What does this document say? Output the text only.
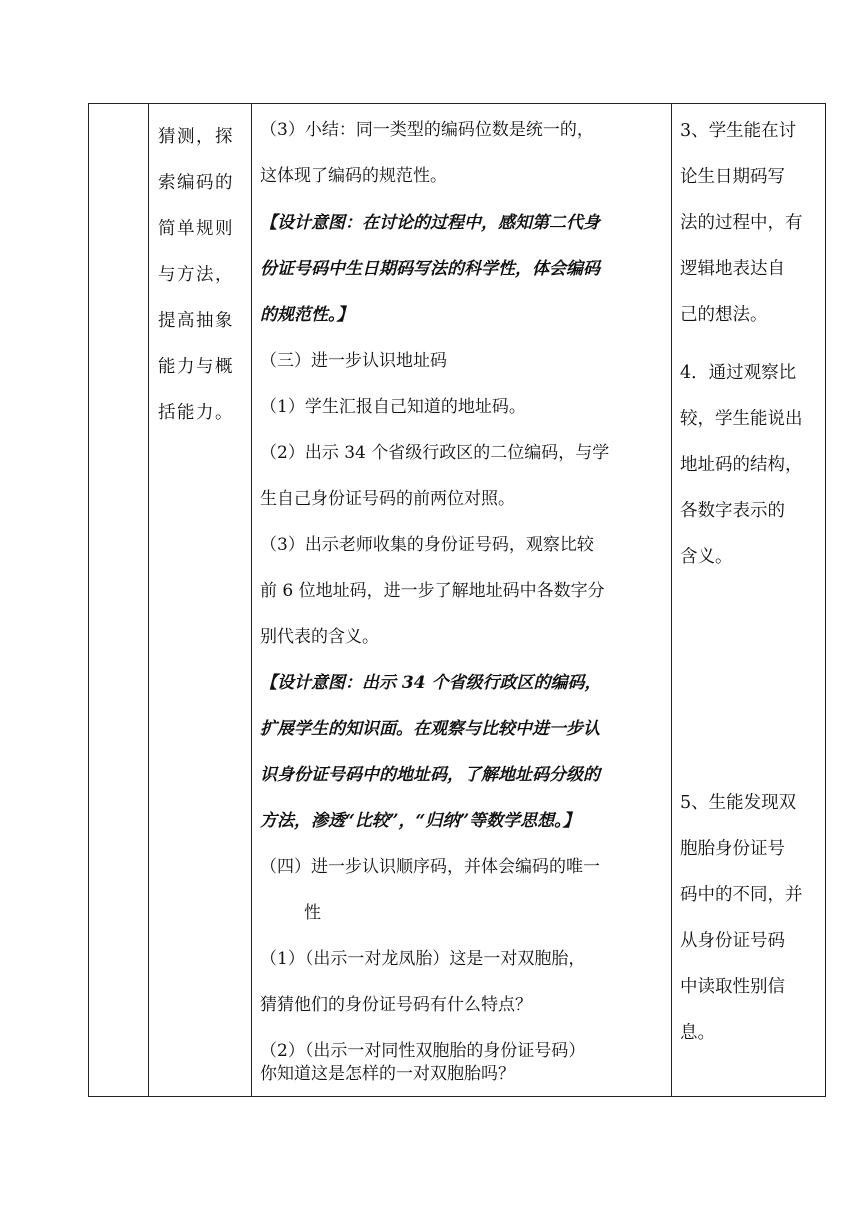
猜测，探
索编码的
简单规则
与方法，
提高抽象
能力与概
括能力。
（3）小结：同一类型的编码位数是统一的，
这体现了编码的规范性。
【设计意图：在讨论的过程中，感知第二代身
份证号码中生日期码写法的科学性，体会编码
的规范性。】
（三）进一步认识地址码
（1）学生汇报自己知道的地址码。
（2）出示 34 个省级行政区的二位编码，与学
生自己身份证号码的前两位对照。
（3）出示老师收集的身份证号码，观察比较
前 6 位地址码，进一步了解地址码中各数字分
别代表的含义。
【设计意图：出示 34 个省级行政区的编码，
扩展学生的知识面。在观察与比较中进一步认
识身份证号码中的地址码，了解地址码分级的
方法，渗透“比较”，“归纳”等数学思想。】
（四）进一步认识顺序码，并体会编码的唯一
性
（1）（出示一对龙凤胎）这是一对双胞胎，
猜猜他们的身份证号码有什么特点？
（2）（出示一对同性双胞胎的身份证号码）
你知道这是怎样的一对双胞胎吗？
3、学生能在讨
论生日期码写
法的过程中，有
逻辑地表达自
己的想法。
4．通过观察比
较，学生能说出
地址码的结构，
各数字表示的
含义。
5、生能发现双
胞胎身份证号
码中的不同，并
从身份证号码
中读取性别信
息。
